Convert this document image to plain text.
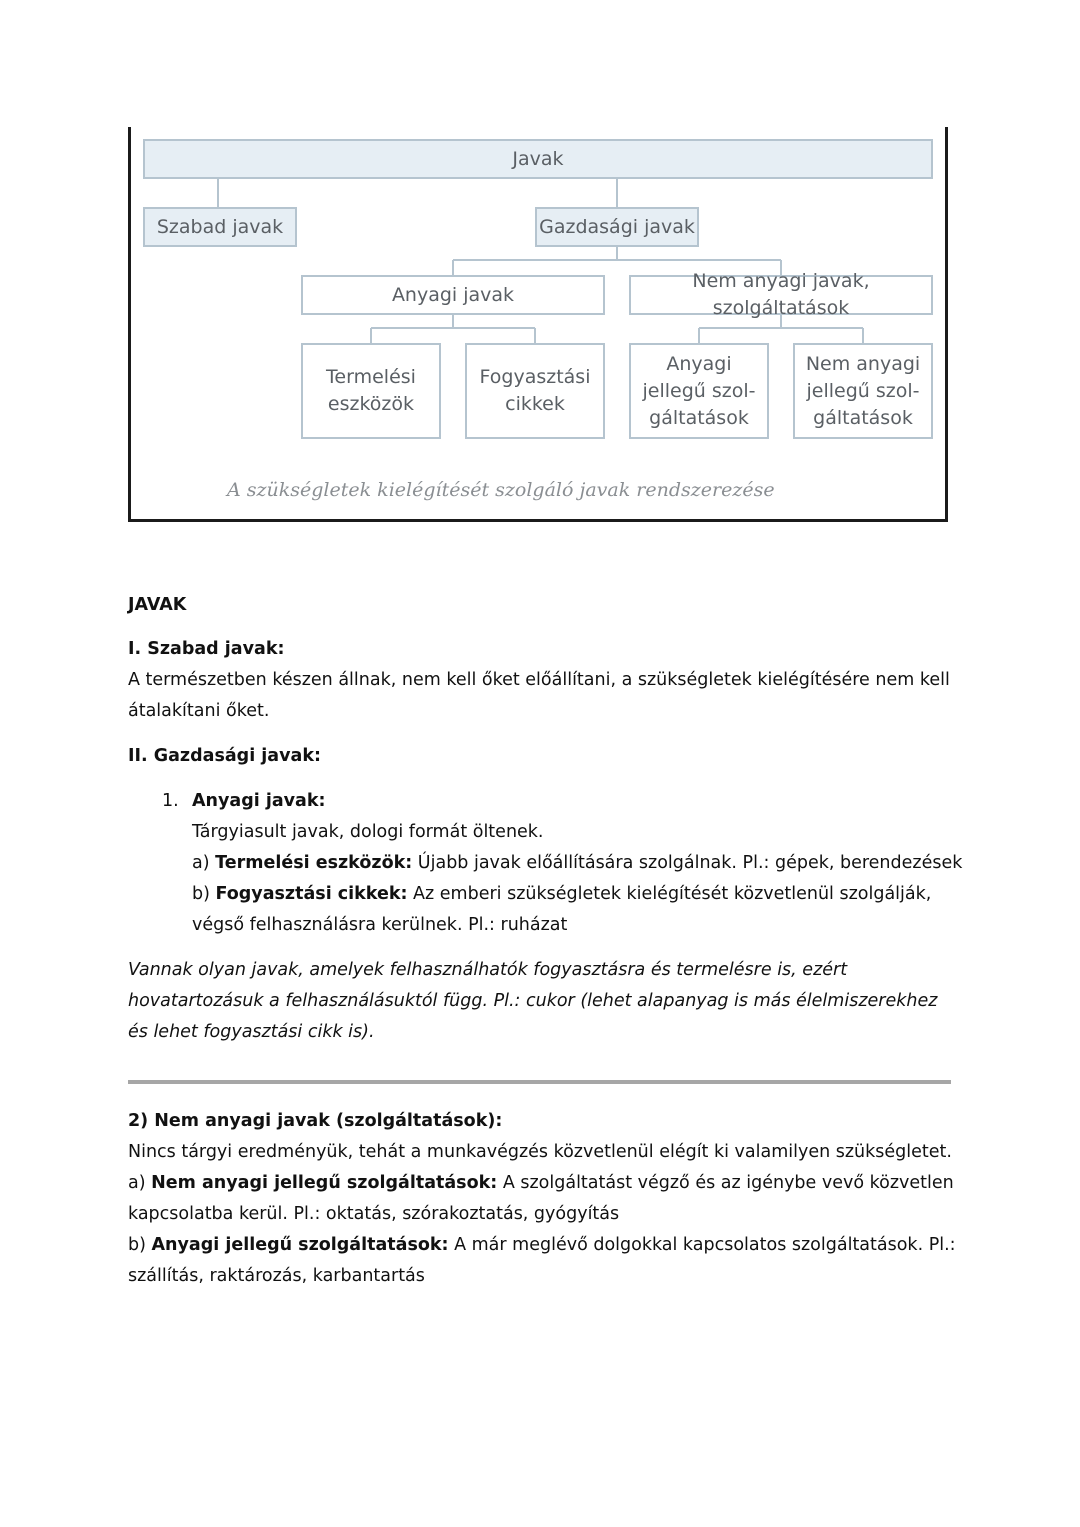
Javak
Szabad javak	Gazdasági javak
Anyagi javak
Nem anyagi javak, szolgáltatások
Termelési
eszközök
Fogyasztási
cikkek
Anyagi
jellegű szol-
gáltatások
Nem anyagi
jellegű szol-
gáltatások
A szükségletek kielégítését szolgáló javak rendszerezése
JAVAK
I. Szabad javak:
A természetben készen állnak, nem kell őket előállítani, a szükségletek kielégítésére nem kell
átalakítani őket.
II. Gazdasági javak:
1. Anyagi javak:
Tárgyiasult javak, dologi formát öltenek.
a) Termelési eszközök: Újabb javak előállítására szolgálnak. Pl.: gépek, berendezések
b) Fogyasztási cikkek: Az emberi szükségletek kielégítését közvetlenül szolgálják,
végső felhasználásra kerülnek. Pl.: ruházat
Vannak olyan javak, amelyek felhasználhatók fogyasztásra és termelésre is, ezért
hovatartozásuk a felhasználásuktól függ. Pl.: cukor (lehet alapanyag is más élelmiszerekhez
és lehet fogyasztási cikk is).
2) Nem anyagi javak (szolgáltatások):
Nincs tárgyi eredményük, tehát a munkavégzés közvetlenül elégít ki valamilyen szükségletet.
a) Nem anyagi jellegű szolgáltatások: A szolgáltatást végző és az igénybe vevő közvetlen
kapcsolatba kerül. Pl.: oktatás, szórakoztatás, gyógyítás
b) Anyagi jellegű szolgáltatások: A már meglévő dolgokkal kapcsolatos szolgáltatások. Pl.:
szállítás, raktározás, karbantartás
